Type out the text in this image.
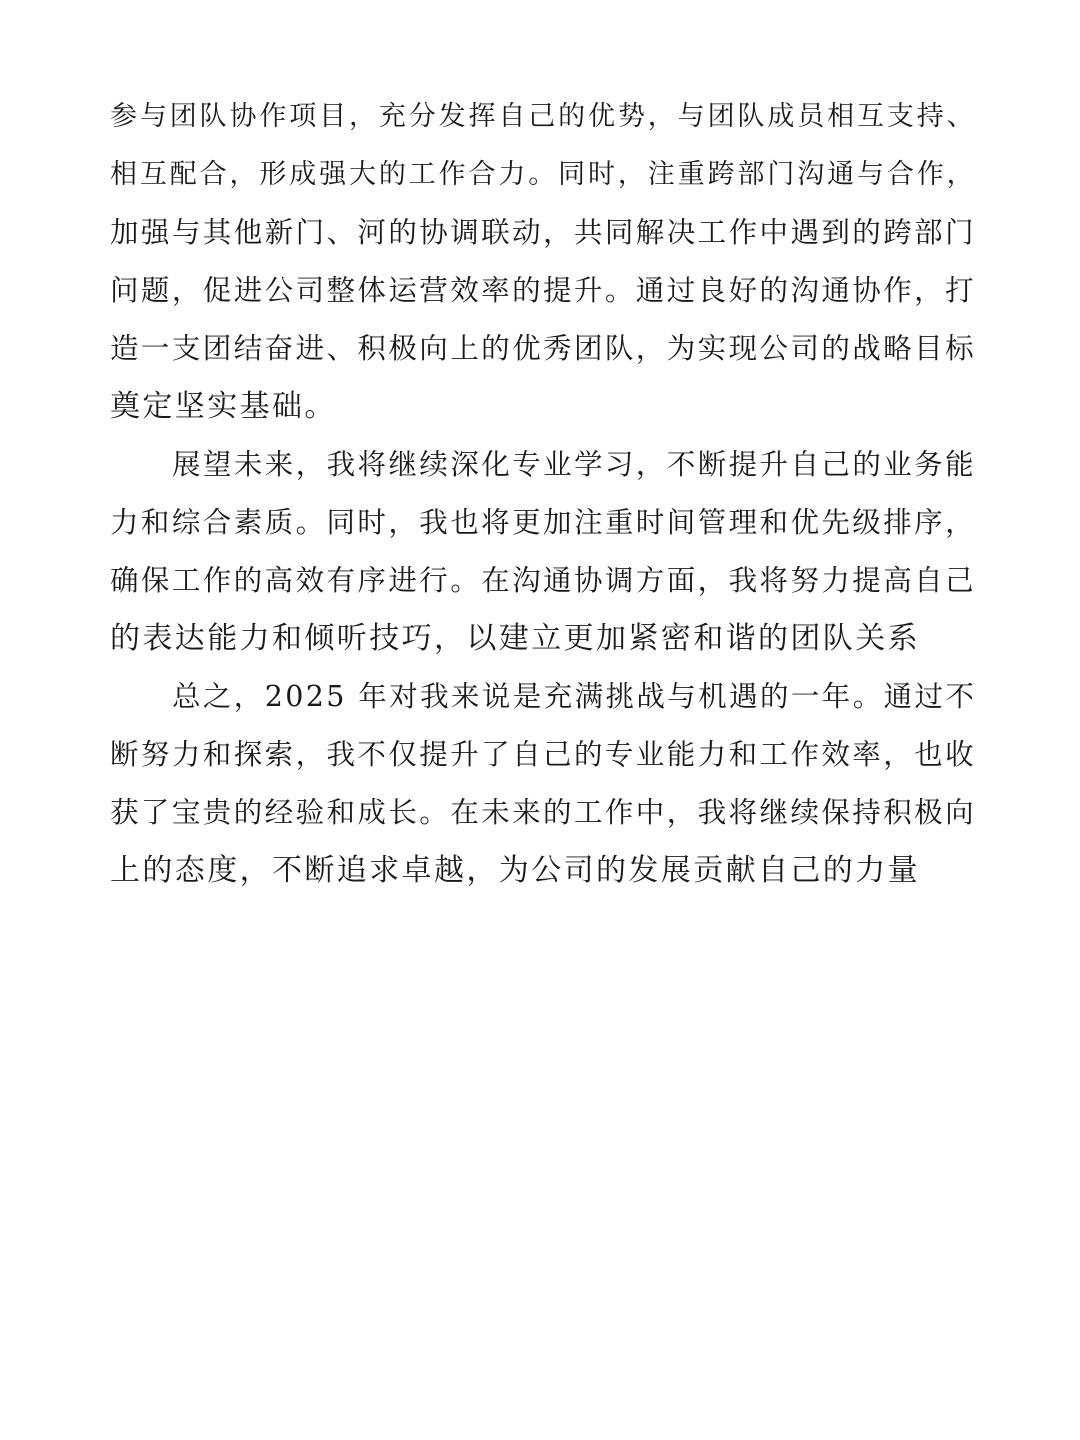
参与团队协作项目，充分发挥自己的优势，与团队成员相互支持、
相互配合，形成强大的工作合力。同时，注重跨部门沟通与合作，
加强与其他新门、河的协调联动，共同解决工作中遇到的跨部门
问题，促进公司整体运营效率的提升。通过良好的沟通协作，打
造一支团结奋进、积极向上的优秀团队，为实现公司的战略目标
奠定坚实基础。
展望未来，我将继续深化专业学习，不断提升自己的业务能
力和综合素质。同时，我也将更加注重时间管理和优先级排序，
确保工作的高效有序进行。在沟通协调方面，我将努力提高自己
的表达能力和倾听技巧，以建立更加紧密和谐的团队关系
总之，2025 年对我来说是充满挑战与机遇的一年。通过不
断努力和探索，我不仅提升了自己的专业能力和工作效率，也收
获了宝贵的经验和成长。在未来的工作中，我将继续保持积极向
上的态度，不断追求卓越，为公司的发展贡献自己的力量
